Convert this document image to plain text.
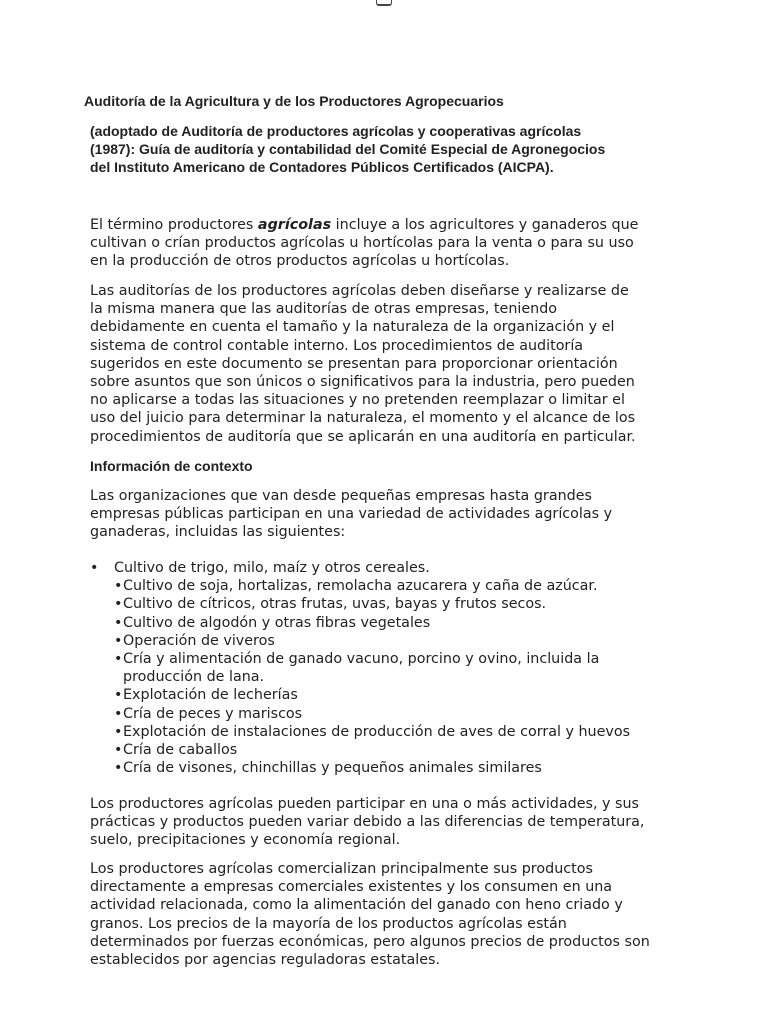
Auditoría de la Agricultura y de los Productores Agropecuarios
(adoptado de Auditoría de productores agrícolas y cooperativas agrícolas
(1987): Guía de auditoría y contabilidad del Comité Especial de Agronegocios
del Instituto Americano de Contadores Públicos Certificados (AICPA).
El término productores agrícolas incluye a los agricultores y ganaderos que
cultivan o crían productos agrícolas u hortícolas para la venta o para su uso
en la producción de otros productos agrícolas u hortícolas.
Las auditorías de los productores agrícolas deben diseñarse y realizarse de
la misma manera que las auditorías de otras empresas, teniendo
debidamente en cuenta el tamaño y la naturaleza de la organización y el
sistema de control contable interno. Los procedimientos de auditoría
sugeridos en este documento se presentan para proporcionar orientación
sobre asuntos que son únicos o significativos para la industria, pero pueden
no aplicarse a todas las situaciones y no pretenden reemplazar o limitar el
uso del juicio para determinar la naturaleza, el momento y el alcance de los
procedimientos de auditoría que se aplicarán en una auditoría en particular.
Información de contexto
Las organizaciones que van desde pequeñas empresas hasta grandes
empresas públicas participan en una variedad de actividades agrícolas y
ganaderas, incluidas las siguientes:
• Cultivo de trigo, milo, maíz y otros cereales.
•Cultivo de soja, hortalizas, remolacha azucarera y caña de azúcar.
•Cultivo de cítricos, otras frutas, uvas, bayas y frutos secos.
•Cultivo de algodón y otras fibras vegetales
•Operación de viveros
•Cría y alimentación de ganado vacuno, porcino y ovino, incluida la
producción de lana.
•Explotación de lecherías
•Cría de peces y mariscos
•Explotación de instalaciones de producción de aves de corral y huevos
•Cría de caballos
•Cría de visones, chinchillas y pequeños animales similares
Los productores agrícolas pueden participar en una o más actividades, y sus
prácticas y productos pueden variar debido a las diferencias de temperatura,
suelo, precipitaciones y economía regional.
Los productores agrícolas comercializan principalmente sus productos
directamente a empresas comerciales existentes y los consumen en una
actividad relacionada, como la alimentación del ganado con heno criado y
granos. Los precios de la mayoría de los productos agrícolas están
determinados por fuerzas económicas, pero algunos precios de productos son
establecidos por agencias reguladoras estatales.
